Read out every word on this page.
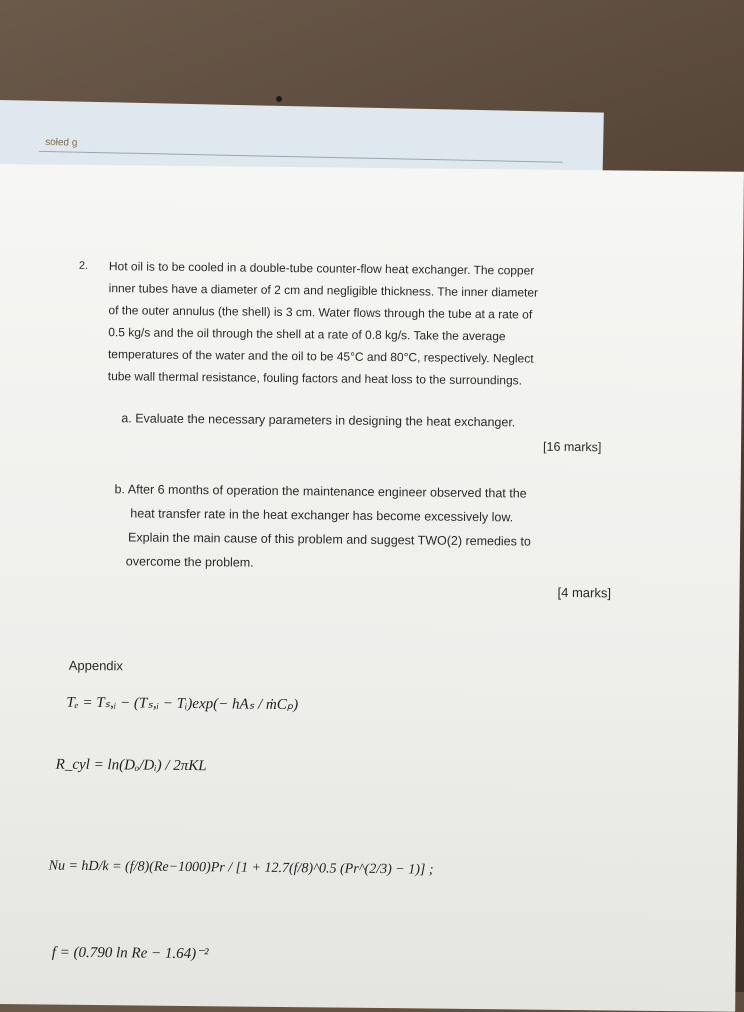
sołed g
2. Hot oil is to be cooled in a double-tube counter-flow heat exchanger. The copper
inner tubes have a diameter of 2 cm and negligible thickness. The inner diameter
of the outer annulus (the shell) is 3 cm. Water flows through the tube at a rate of
0.5 kg/s and the oil through the shell at a rate of 0.8 kg/s. Take the average
temperatures of the water and the oil to be 45°C and 80°C, respectively. Neglect
tube wall thermal resistance, fouling factors and heat loss to the surroundings.
a. Evaluate the necessary parameters in designing the heat exchanger.
[16 marks]
b. After 6 months of operation the maintenance engineer observed that the
heat transfer rate in the heat exchanger has become excessively low.
Explain the main cause of this problem and suggest TWO(2) remedies to
overcome the problem.
[4 marks]
Appendix
Tₑ = Tₛ,ᵢ − (Tₛ,ᵢ − Tᵢ)exp(− hAₛ / ṁCₚ)
R_cyl = ln(Dₒ/Dᵢ) / 2πKL
Nu = hD/k = (f/8)(Re−1000)Pr / [1 + 12.7(f/8)^0.5 (Pr^(2/3) − 1)] ;
f = (0.790 ln Re − 1.64)⁻²
